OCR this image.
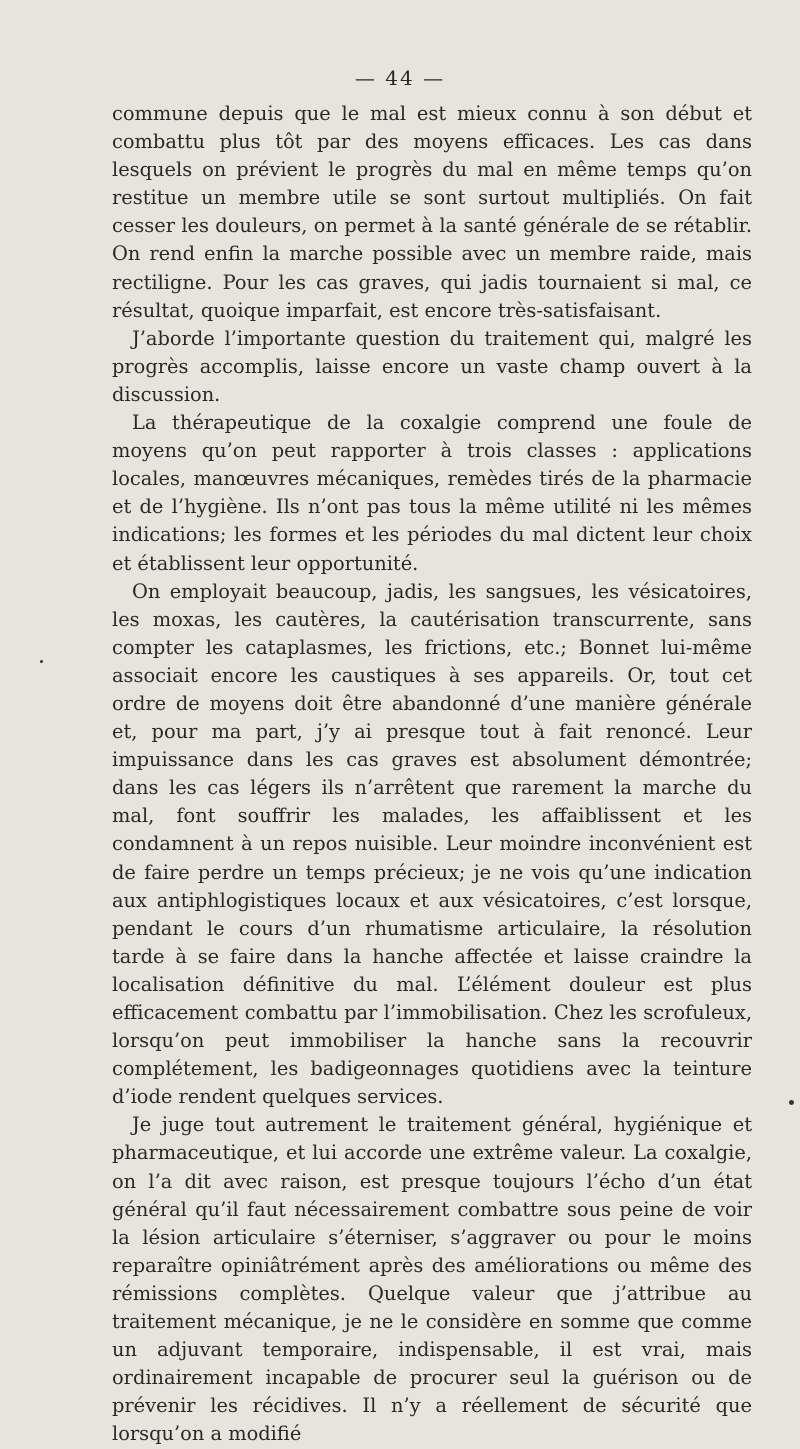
— 44 —

commune depuis que le mal est mieux connu à son début et combattu plus tôt par des moyens efficaces. Les cas dans lesquels on prévient le progrès du mal en même temps qu’on restitue un membre utile se sont surtout multipliés. On fait cesser les douleurs, on permet à la santé générale de se rétablir. On rend enfin la marche possible avec un membre raide, mais rectiligne. Pour les cas graves, qui jadis tournaient si mal, ce résultat, quoique imparfait, est encore très-satisfaisant.

J’aborde l’importante question du traitement qui, malgré les progrès accomplis, laisse encore un vaste champ ouvert à la discussion.

La thérapeutique de la coxalgie comprend une foule de moyens qu’on peut rapporter à trois classes : applications locales, manœuvres mécaniques, remèdes tirés de la pharmacie et de l’hygiène. Ils n’ont pas tous la même utilité ni les mêmes indications; les formes et les périodes du mal dictent leur choix et établissent leur opportunité.

On employait beaucoup, jadis, les sangsues, les vésicatoires, les moxas, les cautères, la cautérisation transcurrente, sans compter les cataplasmes, les frictions, etc.; Bonnet lui-même associait encore les caustiques à ses appareils. Or, tout cet ordre de moyens doit être abandonné d’une manière générale et, pour ma part, j’y ai presque tout à fait renoncé. Leur impuissance dans les cas graves est absolument démontrée; dans les cas légers ils n’arrêtent que rarement la marche du mal, font souffrir les malades, les affaiblissent et les condamnent à un repos nuisible. Leur moindre inconvénient est de faire perdre un temps précieux; je ne vois qu’une indication aux antiphlogistiques locaux et aux vésicatoires, c’est lorsque, pendant le cours d’un rhumatisme articulaire, la résolution tarde à se faire dans la hanche affectée et laisse craindre la localisation définitive du mal. L’élément douleur est plus efficacement combattu par l’immobilisation. Chez les scrofuleux, lorsqu’on peut immobiliser la hanche sans la recouvrir complétement, les badigeonnages quotidiens avec la teinture d’iode rendent quelques services.

Je juge tout autrement le traitement général, hygiénique et pharmaceutique, et lui accorde une extrême valeur. La coxalgie, on l’a dit avec raison, est presque toujours l’écho d’un état général qu’il faut nécessairement combattre sous peine de voir la lésion articulaire s’éterniser, s’aggraver ou pour le moins reparaître opiniâtrément après des améliorations ou même des rémissions complètes. Quelque valeur que j’attribue au traitement mécanique, je ne le considère en somme que comme un adjuvant temporaire, indispensable, il est vrai, mais ordinairement incapable de procurer seul la guérison ou de prévenir les récidives. Il n’y a réellement de sécurité que lorsqu’on a modifié
